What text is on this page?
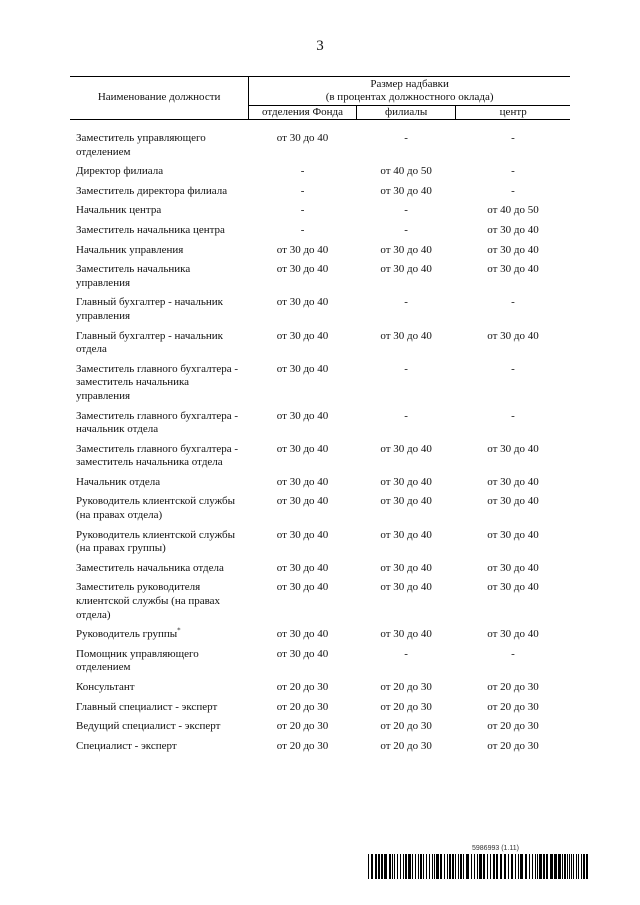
3
Наименование должности	Размер надбавки
(в процентах должностного оклада)		

	отделения Фонда	филиалы	центр

Заместитель управляющего отделением	от 30 до 40	-	-
Директор филиала	-	от 40 до 50	-
Заместитель директора филиала	-	от 30 до 40	-
Начальник центра	-	-	от 40 до 50
Заместитель начальника центра	-	-	от 30 до 40
Начальник управления	от 30 до 40	от 30 до 40	от 30 до 40
Заместитель начальника управления	от 30 до 40	от 30 до 40	от 30 до 40
Главный бухгалтер - начальник управления	от 30 до 40	-	-
Главный бухгалтер - начальник отдела	от 30 до 40	от 30 до 40	от 30 до 40
Заместитель главного бухгалтера - заместитель начальника управления	от 30 до 40	-	-
Заместитель главного бухгалтера - начальник отдела	от 30 до 40	-	-
Заместитель главного бухгалтера - заместитель начальника отдела	от 30 до 40	от 30 до 40	от 30 до 40
Начальник отдела	от 30 до 40	от 30 до 40	от 30 до 40
Руководитель клиентской службы (на правах отдела)	от 30 до 40	от 30 до 40	от 30 до 40
Руководитель клиентской службы (на правах группы)	от 30 до 40	от 30 до 40	от 30 до 40
Заместитель начальника отдела	от 30 до 40	от 30 до 40	от 30 до 40
Заместитель руководителя клиентской службы (на правах отдела)	от 30 до 40	от 30 до 40	от 30 до 40
Руководитель группы*	от 30 до 40	от 30 до 40	от 30 до 40
Помощник управляющего отделением	от 30 до 40	-	-
Консультант	от 20 до 30	от 20 до 30	от 20 до 30
Главный специалист - эксперт	от 20 до 30	от 20 до 30	от 20 до 30
Ведущий специалист - эксперт	от 20 до 30	от 20 до 30	от 20 до 30
Специалист - эксперт	от 20 до 30	от 20 до 30	от 20 до 30
5986993 (1.11)
